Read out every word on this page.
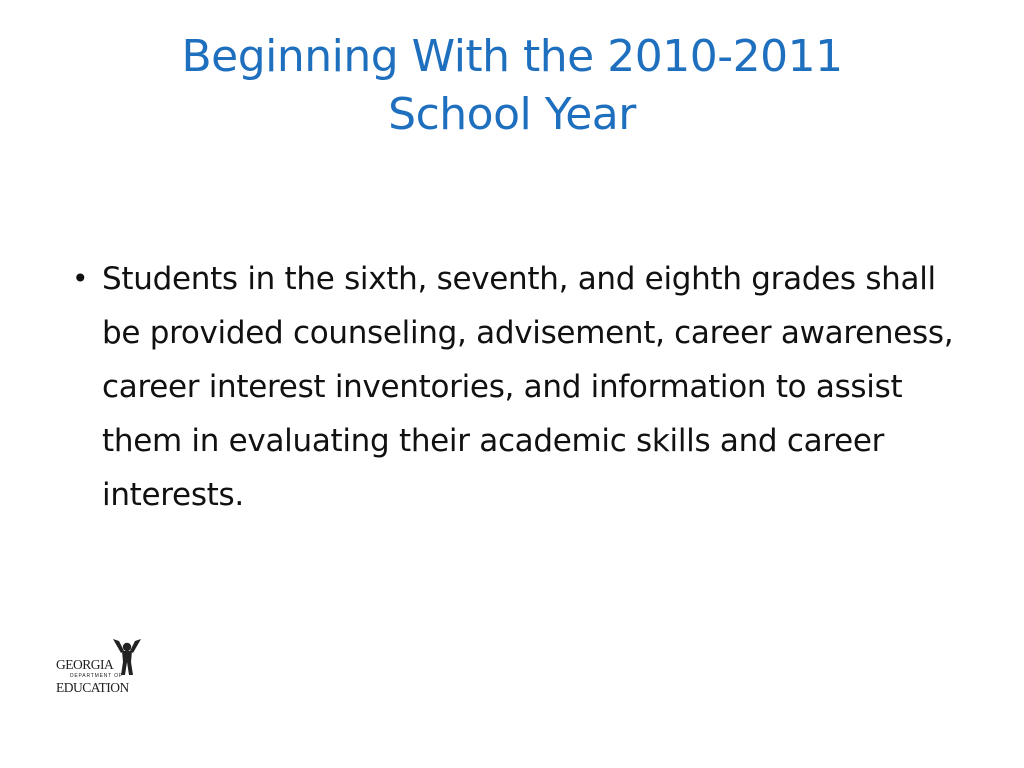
Beginning With the 2010-2011
School Year
• Students in the sixth, seventh, and eighth grades shall be provided counseling, advisement, career awareness, career interest inventories, and information to assist them in evaluating their academic skills and career interests.
GEORGIA
DEPARTMENT OF
EDUCATION
